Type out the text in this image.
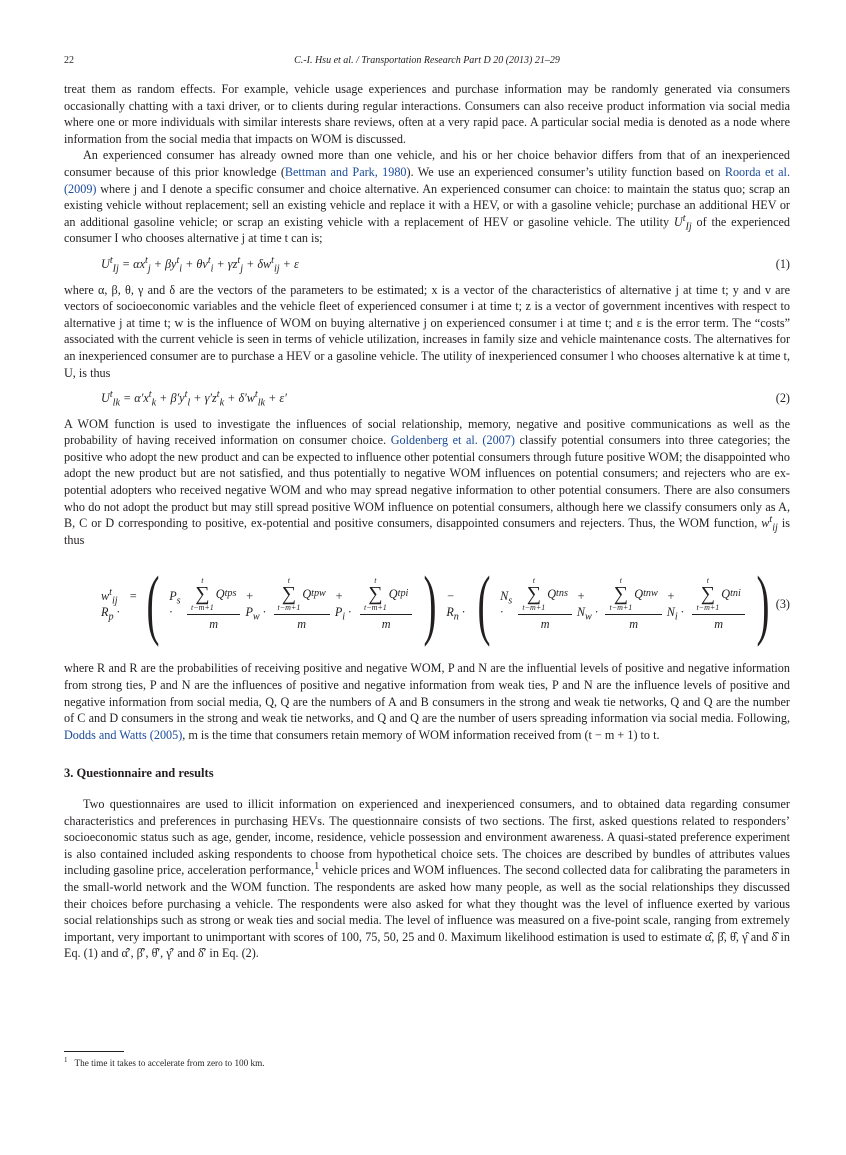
22	C.-I. Hsu et al. / Transportation Research Part D 20 (2013) 21–29

treat them as random effects. For example, vehicle usage experiences and purchase information may be randomly generated via consumers occasionally chatting with a taxi driver, or to clients during regular interactions. Consumers can also receive product information via social media where one or more individuals with similar interests share reviews, often at a very rapid pace. A particular social media is denoted as a node where information from the social media that impacts on WOM is discussed.

An experienced consumer has already owned more than one vehicle, and his or her choice behavior differs from that of an inexperienced consumer because of this prior knowledge (Bettman and Park, 1980). We use an experienced consumer’s utility function based on Roorda et al. (2009) where j and I denote a specific consumer and choice alternative. An experienced consumer can choice: to maintain the status quo; scrap an existing vehicle without replacement; sell an existing vehicle and replace it with a HEV, or with a gasoline vehicle; purchase an additional HEV or an additional gasoline vehicle; or scrap an existing vehicle with a replacement of HEV or gasoline vehicle. The utility $U^t_{Ij}$ of the experienced consumer I who chooses alternative j at time t can is;

$U^t_{Ij} = \alpha x^t_j + \beta y^t_i + \theta v^t_i + \gamma z^t_j + \delta w^t_{ij} + \varepsilon$	(1)

where α, β, θ, γ and δ are the vectors of the parameters to be estimated; x is a vector of the characteristics of alternative j at time t; y and v are vectors of socioeconomic variables and the vehicle fleet of experienced consumer i at time t; z is a vector of government incentives with respect to alternative j at time t; w is the influence of WOM on buying alternative j on experienced consumer i at time t; and ε is the error term. The “costs” associated with the current vehicle is seen in terms of vehicle utilization, increases in family size and vehicle maintenance costs. The alternatives for an inexperienced consumer are to purchase a HEV or a gasoline vehicle. The utility of inexperienced consumer l who chooses alternative k at time t, U, is thus

$U^t_{lk} = \alpha'x^t_k + \beta'y^t_l + \gamma'z^t_k + \delta'w^t_{lk} + \varepsilon'$	(2)

A WOM function is used to investigate the influences of social relationship, memory, negative and positive communications as well as the probability of having received information on consumer choice. Goldenberg et al. (2007) classify potential consumers into three categories; the positive who adopt the new product and can be expected to influence other potential consumers through future positive WOM; the disappointed who adopt the new product but are not satisfied, and thus potentially to negative WOM influences on potential consumers; and rejecters who are ex-potential adopters who received negative WOM and who may spread negative information to other potential consumers. There are also consumers who do not adopt the product but may still spread positive WOM influence on potential consumers, although here we classify consumers only as A, B, C or D corresponding to positive, ex-potential and positive consumers, disappointed consumers and rejecters. Thus, the WOM function, $w^t_{ij}$ is thus

$w^t_{ij} = R_p$ · ( $P_s$ ·	t
∑
t−m+1
Q t ps
$m + P_w \cdot t$
∑
t−m+1
Q t pw
$m + P_i$ ·	t
∑
t−m+1
Q t pi
m ) − $R_n$ · ( $N_s$ ·	t
∑
t−m+1
Q t ns
$m + N_w \cdot t$
∑
t−m+1
Q t nw
$m + N_i$ ·	t
∑
t−m+1
Q t ni
m ) (3)

where R and R are the probabilities of receiving positive and negative WOM, P and N are the influential levels of positive and negative information from strong ties, P and N are the influences of positive and negative information from weak ties, P and N are the influence levels of positive and negative information from social media, Q, Q are the numbers of A and B consumers in the strong and weak tie networks, Q and Q are the number of C and D consumers in the strong and weak tie networks, and Q and Q are the number of users spreading information via social media. Following, Dodds and Watts (2005), m is the time that consumers retain memory of WOM information received from (t − m + 1) to t.

3. Questionnaire and results

Two questionnaires are used to illicit information on experienced and inexperienced consumers, and to obtained data regarding consumer characteristics and preferences in purchasing HEVs. The questionnaire consists of two sections. The first, asked questions related to responders’ socioeconomic status such as age, gender, income, residence, vehicle possession and environment awareness. A quasi-stated preference experiment is also contained included asking respondents to choose from hypothetical choice sets. The choices are described by bundles of attributes values including gasoline price, acceleration performance,$^1$ vehicle prices and WOM influences. The second collected data for calibrating the parameters in the small-world network and the WOM function. The respondents are asked how many people, as well as the social relationships they discussed their choices before purchasing a vehicle. The respondents were also asked for what they thought was the level of influence exerted by various social relationships such as strong or weak ties and social media. The level of influence was measured on a five-point scale, ranging from extremely important, very important to unimportant with scores of 100, 75, 50, 25 and 0. Maximum likelihood estimation is used to estimate α̂, β̂, θ̂, γ̂ and δ̂ in Eq. (1) and α̂′, β̂′, θ̂′, γ̂′ and δ̂′ in Eq. (2).

$^1$ The time it takes to accelerate from zero to 100 km.
